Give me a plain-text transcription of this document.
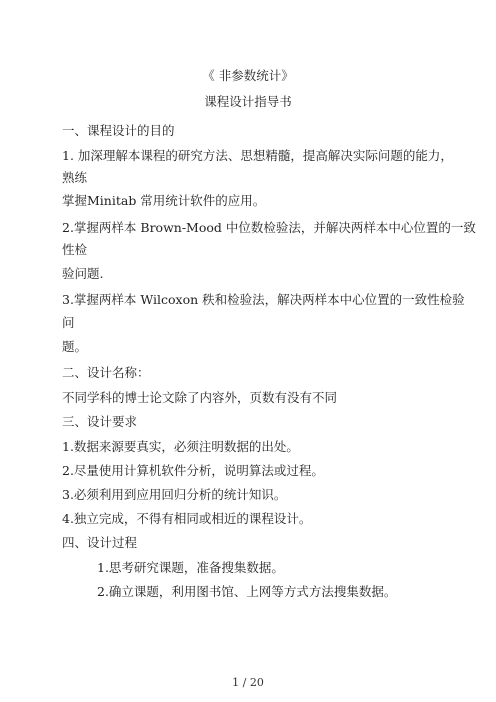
《 非参数统计》
课程设计指导书
一、课程设计的目的
1. 加深理解本课程的研究方法、思想精髓，提高解决实际问题的能力，
熟练
掌握Minitab 常用统计软件的应用。
2.掌握两样本 Brown-Mood 中位数检验法，并解决两样本中心位置的一致
性检
验问题.
3.掌握两样本 Wilcoxon 秩和检验法，解决两样本中心位置的一致性检验
问
题。
二、设计名称：
不同学科的博士论文除了内容外，页数有没有不同
三、设计要求
1.数据来源要真实，必须注明数据的出处。
2.尽量使用计算机软件分析，说明算法或过程。
3.必须利用到应用回归分析的统计知识。
4.独立完成，不得有相同或相近的课程设计。
四、设计过程
1.思考研究课题，准备搜集数据。
2.确立课题，利用图书馆、上网等方式方法搜集数据。
1 / 20
